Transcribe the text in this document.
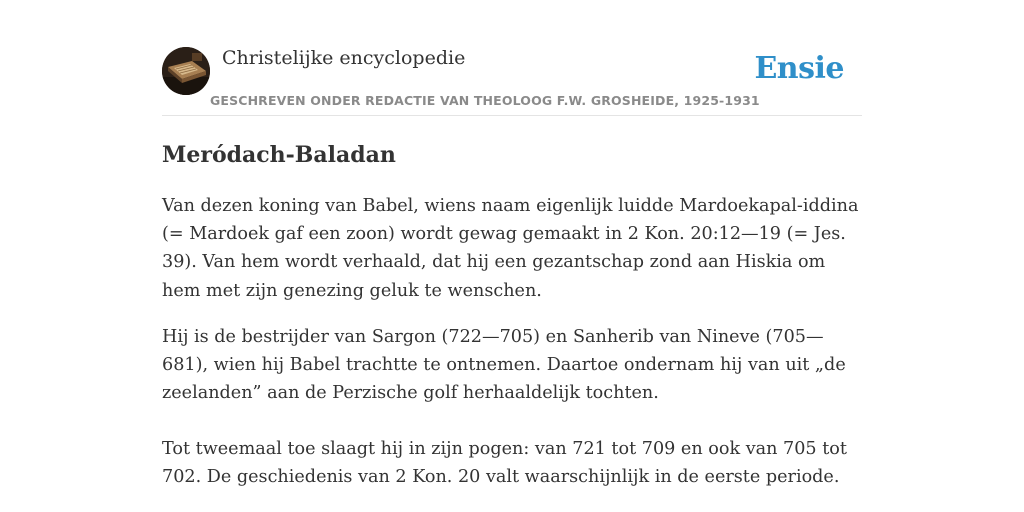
Christelijke encyclopedie
GESCHREVEN ONDER REDACTIE VAN THEOLOOG F.W. GROSHEIDE, 1925-1931
Ensie
Meródach-Baladan

Van dezen koning van Babel, wiens naam eigenlijk luidde Mardoekapal-iddina (= Mardoek gaf een zoon) wordt gewag gemaakt in 2 Kon. 20:12—19 (= Jes. 39). Van hem wordt verhaald, dat hij een gezantschap zond aan Hiskia om hem met zijn genezing geluk te wenschen.

Hij is de bestrijder van Sargon (722—705) en Sanherib van Nineve (705—681), wien hij Babel trachtte te ontnemen. Daartoe ondernam hij van uit „de zeelanden” aan de Perzische golf herhaaldelijk tochten.

Tot tweemaal toe slaagt hij in zijn pogen: van 721 tot 709 en ook van 705 tot 702. De geschiedenis van 2 Kon. 20 valt waarschijnlijk in de eerste periode.
